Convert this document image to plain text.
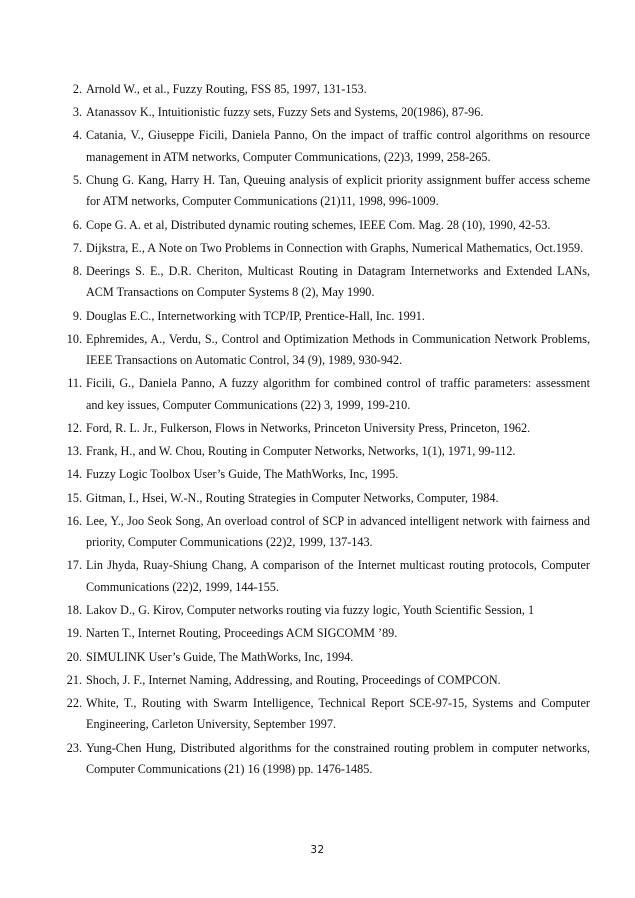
2. Arnold W., et al., Fuzzy Routing, FSS 85, 1997, 131-153.
3. Atanassov K., Intuitionistic fuzzy sets, Fuzzy Sets and Systems, 20(1986), 87-96.
4. Catania, V., Giuseppe Ficili, Daniela Panno, On the impact of traffic control algorithms on resource management in ATM networks, Computer Communications, (22)3, 1999, 258-265.
5. Chung G. Kang, Harry H. Tan, Queuing analysis of explicit priority assignment buffer access scheme for ATM networks, Computer Communications (21)11, 1998, 996-1009.
6. Cope G. A. et al, Distributed dynamic routing schemes, IEEE Com. Mag. 28 (10), 1990, 42-53.
7. Dijkstra, E., A Note on Two Problems in Connection with Graphs, Numerical Mathematics, Oct.1959.
8. Deerings S. E., D.R. Cheriton, Multicast Routing in Datagram Internetworks and Extended LANs, ACM Transactions on Computer Systems 8 (2), May 1990.
9. Douglas E.C., Internetworking with TCP/IP, Prentice-Hall, Inc. 1991.
10. Ephremides, A., Verdu, S., Control and Optimization Methods in Communication Network Problems, IEEE Transactions on Automatic Control, 34 (9), 1989, 930-942.
11. Ficili, G., Daniela Panno, A fuzzy algorithm for combined control of traffic parameters: assessment and key issues, Computer Communications (22) 3, 1999, 199-210.
12. Ford, R. L. Jr., Fulkerson, Flows in Networks, Princeton University Press, Princeton, 1962.
13. Frank, H., and W. Chou, Routing in Computer Networks, Networks, 1(1), 1971, 99-112.
14. Fuzzy Logic Toolbox User’s Guide, The MathWorks, Inc, 1995.
15. Gitman, I., Hsei, W.-N., Routing Strategies in Computer Networks, Computer, 1984.
16. Lee, Y., Joo Seok Song, An overload control of SCP in advanced intelligent network with fairness and priority, Computer Communications (22)2, 1999, 137-143.
17. Lin Jhyda, Ruay-Shiung Chang, A comparison of the Internet multicast routing protocols, Computer Communications (22)2, 1999, 144-155.
18. Lakov D., G. Kirov, Computer networks routing via fuzzy logic, Youth Scientific Session, 1
19. Narten T., Internet Routing, Proceedings ACM SIGCOMM ’89.
20. SIMULINK User’s Guide, The MathWorks, Inc, 1994.
21. Shoch, J. F., Internet Naming, Addressing, and Routing, Proceedings of COMPCON.
22. White, T., Routing with Swarm Intelligence, Technical Report SCE-97-15, Systems and Computer Engineering, Carleton University, September 1997.
23. Yung-Chen Hung, Distributed algorithms for the constrained routing problem in computer networks, Computer Communications (21) 16 (1998) pp. 1476-1485.
32
